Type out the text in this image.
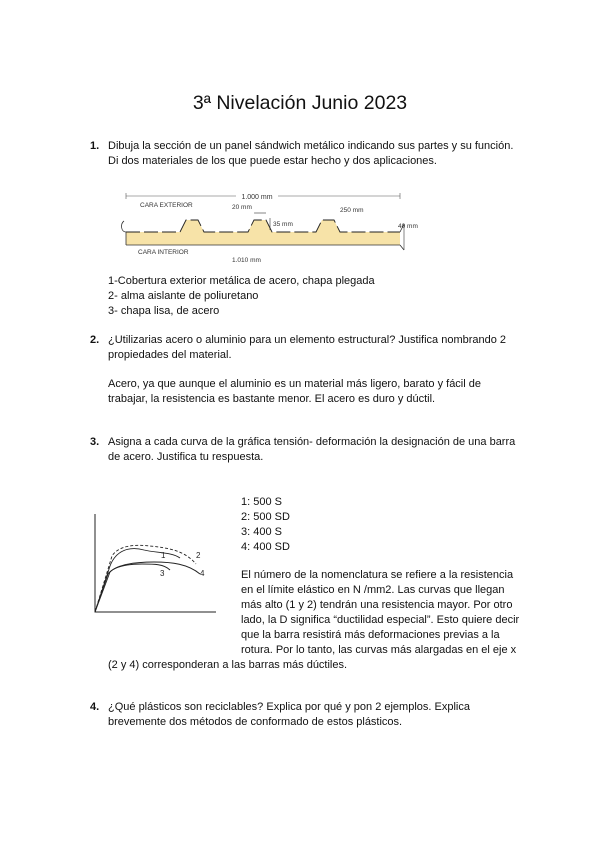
3ª Nivelación Junio 2023
1. Dibuja la sección de un panel sándwich metálico indicando sus partes y su función.
Di dos materiales de los que puede estar hecho y dos aplicaciones.
1.000 mm
CARA EXTERIOR	20 mm	250 mm
35 mm	40 mm
CARA INTERIOR
1.010 mm
1-Cobertura exterior metálica de acero, chapa plegada
2- alma aislante de poliuretano
3- chapa lisa, de acero
2. ¿Utilizarias acero o aluminio para un elemento estructural? Justifica nombrando 2
propiedades del material.
Acero, ya que aunque el aluminio es un material más ligero, barato y fácil de
trabajar, la resistencia es bastante menor. El acero es duro y dúctil.
3. Asigna a cada curva de la gráfica tensión- deformación la designación de una barra
de acero. Justifica tu respuesta.
1	2
3	4
1: 500 S
2: 500 SD
3: 400 S
4: 400 SD
El número de la nomenclatura se refiere a la resistencia
en el límite elástico en N /mm2. Las curvas que llegan
más alto (1 y 2) tendrán una resistencia mayor. Por otro
lado, la D significa “ductilidad especial”. Esto quiere decir
que la barra resistirá más deformaciones previas a la
rotura. Por lo tanto, las curvas más alargadas en el eje x
(2 y 4) corresponderan a las barras más dúctiles.
4. ¿Qué plásticos son reciclables? Explica por qué y pon 2 ejemplos. Explica
brevemente dos métodos de conformado de estos plásticos.
